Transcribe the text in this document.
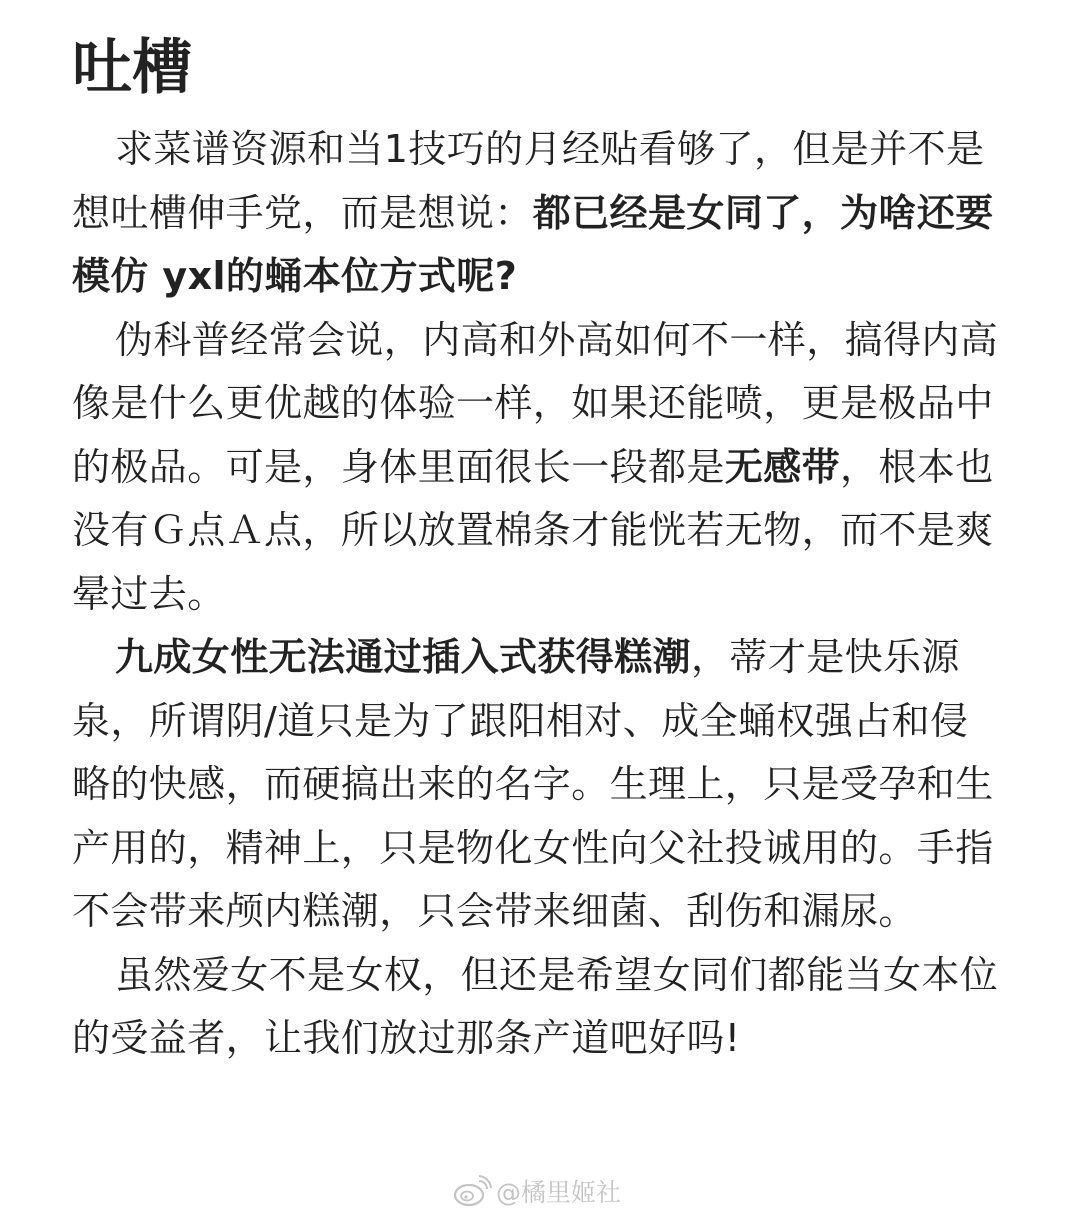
吐槽

求菜谱资源和当1技巧的月经贴看够了，但是并不是想吐槽伸手党，而是想说：都已经是女同了，为啥还要模仿 yxl的蛹本位方式呢?

伪科普经常会说，内高和外高如何不一样，搞得内高像是什么更优越的体验一样，如果还能喷，更是极品中的极品。可是，身体里面很长一段都是无感带，根本也没有Ｇ点Ａ点，所以放置棉条才能恍若无物，而不是爽晕过去。

九成女性无法通过插入式获得糕潮，蒂才是快乐源泉，所谓阴/道只是为了跟阳相对、成全蛹权强占和侵略的快感，而硬搞出来的名字。生理上，只是受孕和生产用的，精神上，只是物化女性向父社投诚用的。手指不会带来颅内糕潮，只会带来细菌、刮伤和漏尿。

虽然爱女不是女权，但还是希望女同们都能当女本位的受益者，让我们放过那条产道吧好吗!

@橘里姬社
